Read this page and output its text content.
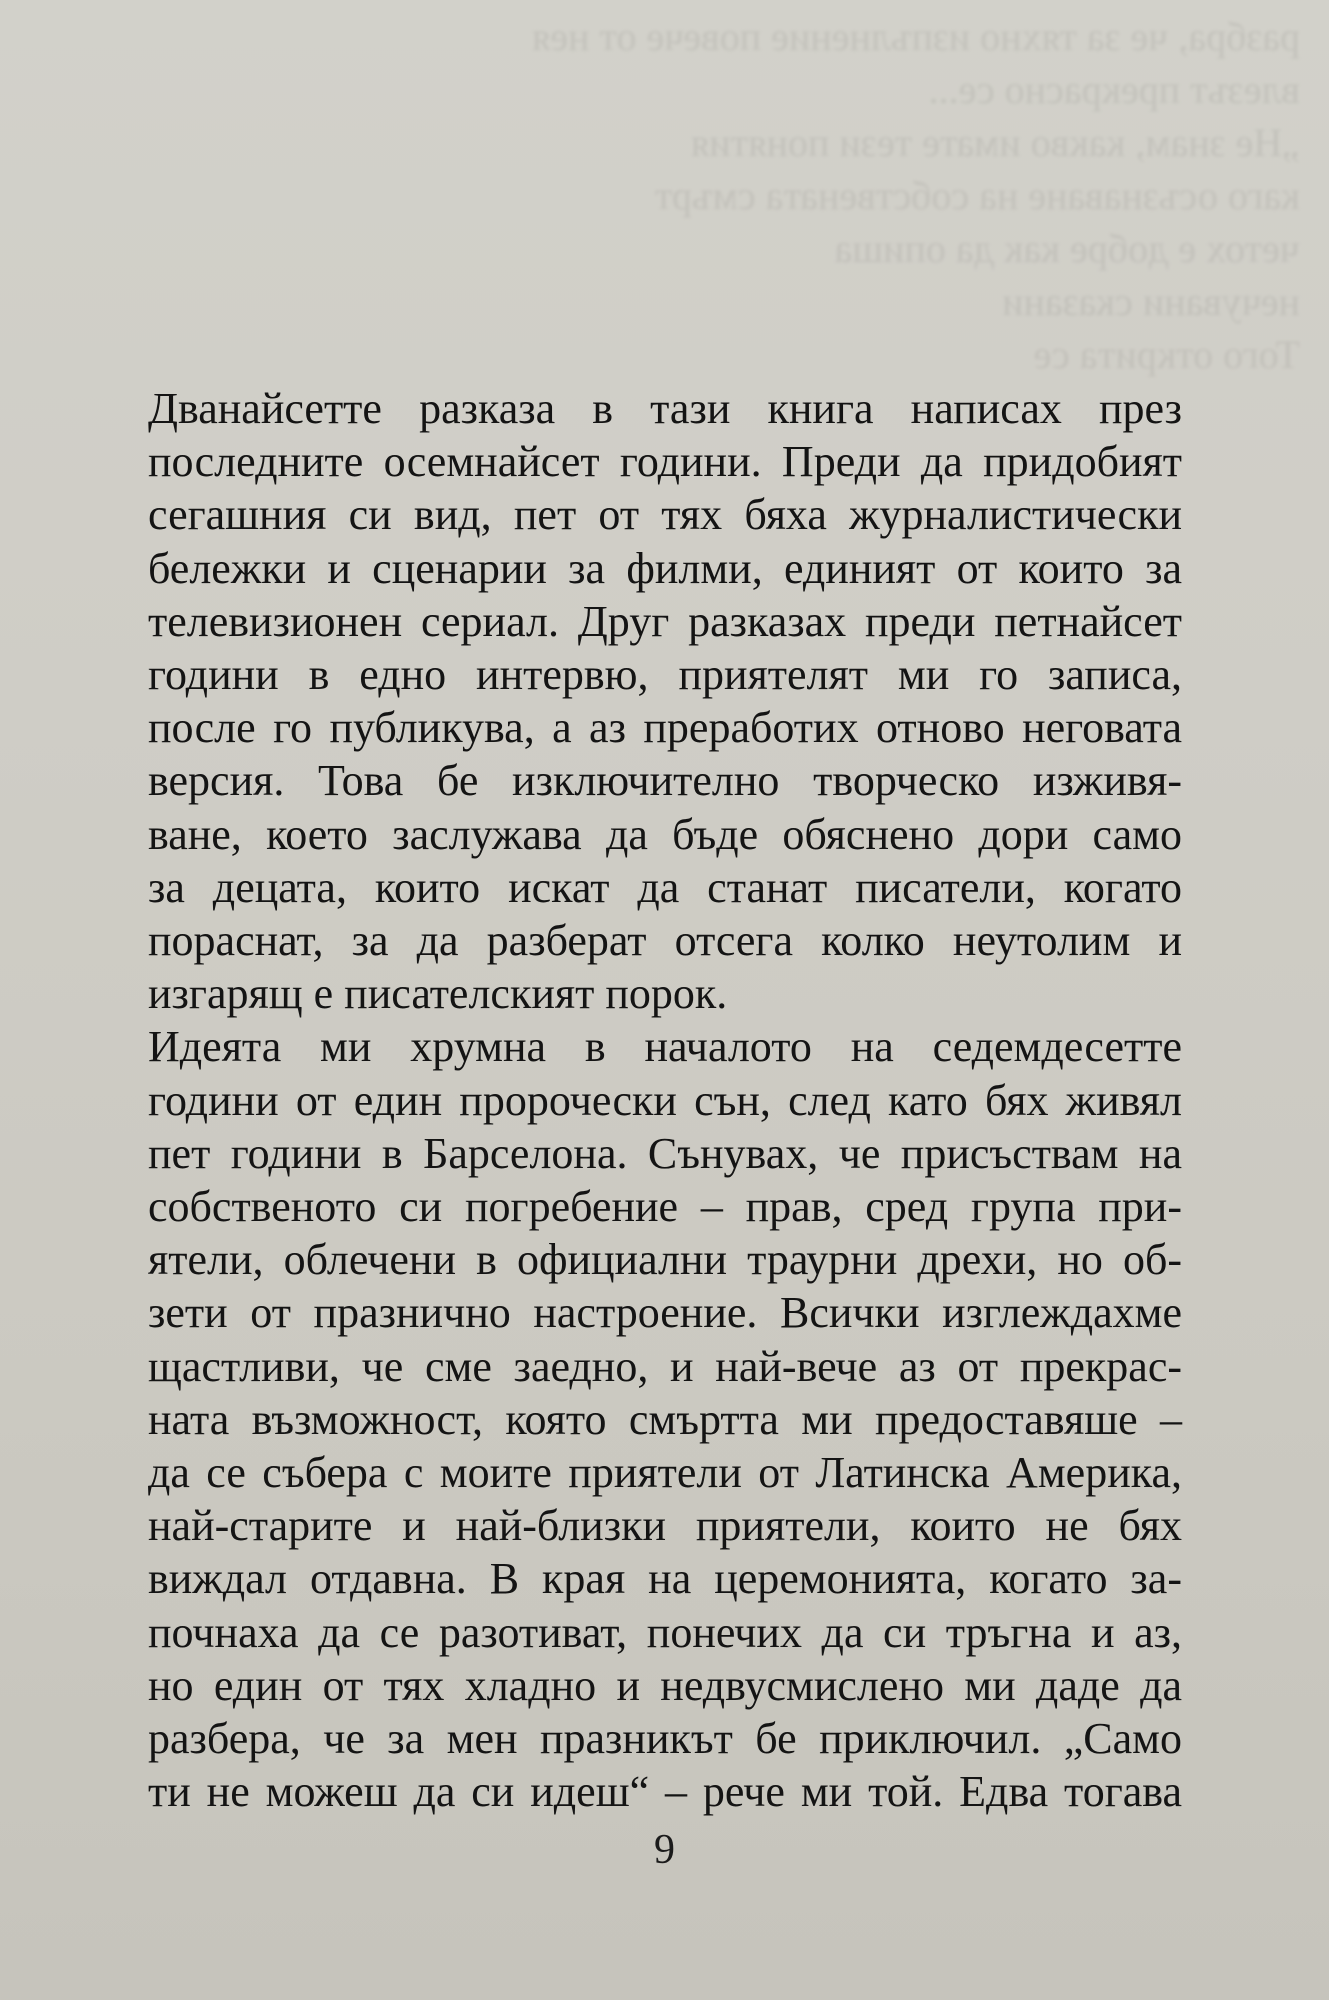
разбра, че за тяхно изпълнение повече от нея
влезът прекрасно се...
„Не знам, какво имате тези понятия
каго осъзнаване на собствената смърт
четох е добре как да опиша
нечувани сказани
Того открита се

Дванайсетте разказа в тази книга написах през
последните осемнайсет години. Преди да придобият
сегашния си вид, пет от тях бяха журналистически
бележки и сценарии за филми, единият от които за
телевизионен сериал. Друг разказах преди петнайсет
години в едно интервю, приятелят ми го записа,
после го публикува, а аз преработих отново неговата
версия. Това бе изключително творческо изживя-
ване, което заслужава да бъде обяснено дори само
за децата, които искат да станат писатели, когато
пораснат, за да разберат отсега колко неутолим и
изгарящ е писателският порок.

Идеята ми хрумна в началото на седемдесетте
години от един пророчески сън, след като бях живял
пет години в Барселона. Сънувах, че присъствам на
собственото си погребение – прав, сред група при-
ятели, облечени в официални траурни дрехи, но об-
зети от празнично настроение. Всички изглеждахме
щастливи, че сме заедно, и най-вече аз от прекрас-
ната възможност, която смъртта ми предоставяше –
да се събера с моите приятели от Латинска Америка,
най-старите и най-близки приятели, които не бях
виждал отдавна. В края на церемонията, когато за-
почнаха да се разотиват, понечих да си тръгна и аз,
но един от тях хладно и недвусмислено ми даде да
разбера, че за мен празникът бе приключил. „Само
ти не можеш да си идеш“ – рече ми той. Едва тогава

9
